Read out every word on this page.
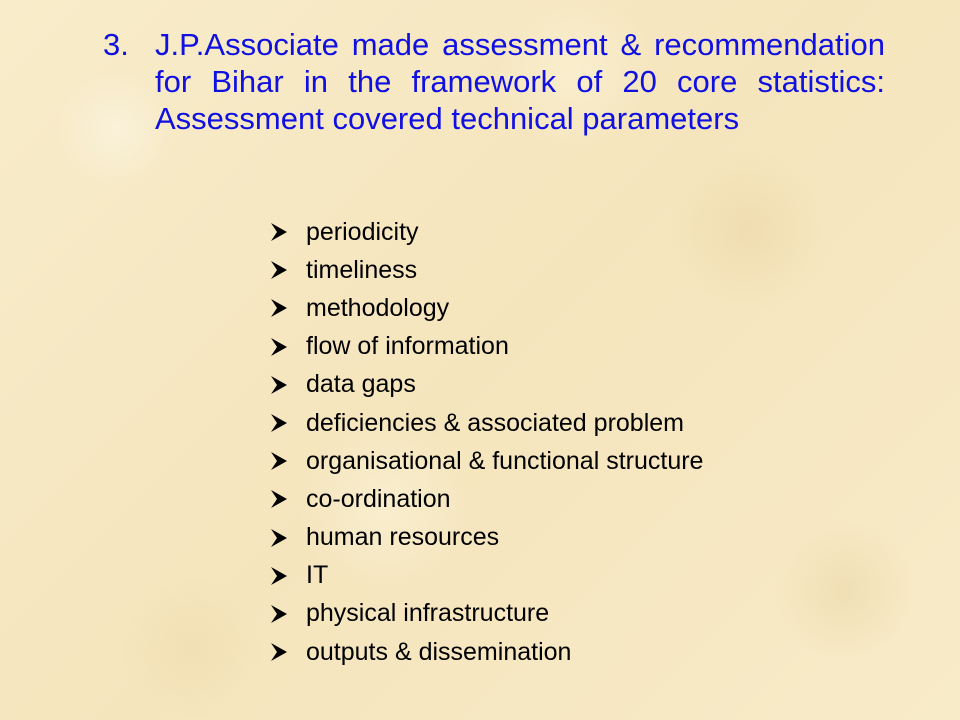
3. J.P.Associate made assessment & recommendation for Bihar in the framework of 20 core statistics: Assessment covered technical parameters
periodicity
timeliness
methodology
flow of information
data gaps
deficiencies & associated problem
organisational & functional structure
co-ordination
human resources
IT
physical infrastructure
outputs & dissemination
